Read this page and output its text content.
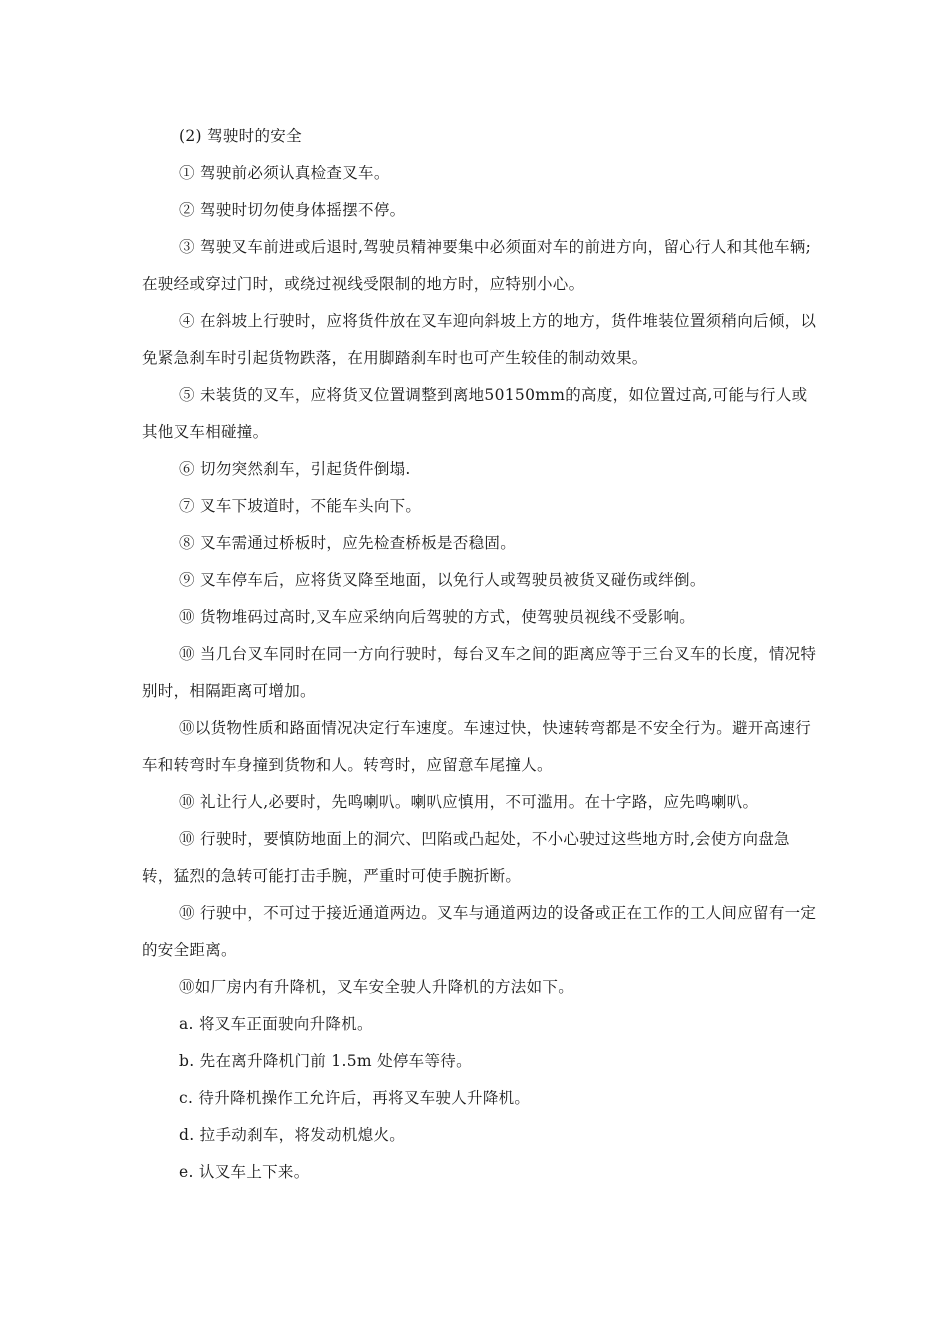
(2) 驾驶时的安全

① 驾驶前必须认真检查叉车。

② 驾驶时切勿使身体摇摆不停。

③ 驾驶叉车前进或后退时,驾驶员精神要集中必须面对车的前进方向，留心行人和其他车辆;在驶经或穿过门时，或绕过视线受限制的地方时，应特别小心。

④ 在斜坡上行驶时，应将货件放在叉车迎向斜坡上方的地方，货件堆装位置须稍向后倾，以免紧急刹车时引起货物跌落，在用脚踏刹车时也可产生较佳的制动效果。

⑤ 未装货的叉车，应将货叉位置调整到离地50150mm的高度，如位置过高,可能与行人或其他叉车相碰撞。

⑥ 切勿突然刹车，引起货件倒塌.

⑦ 叉车下坡道时，不能车头向下。

⑧ 叉车需通过桥板时，应先检查桥板是否稳固。

⑨ 叉车停车后，应将货叉降至地面，以免行人或驾驶员被货叉碰伤或绊倒。

⑩ 货物堆码过高时,叉车应采纳向后驾驶的方式，使驾驶员视线不受影响。

⑩ 当几台叉车同时在同一方向行驶时，每台叉车之间的距离应等于三台叉车的长度，情况特别时，相隔距离可增加。

⑩以货物性质和路面情况决定行车速度。车速过快，快速转弯都是不安全行为。避开高速行车和转弯时车身撞到货物和人。转弯时，应留意车尾撞人。

⑩ 礼让行人,必要时，先鸣喇叭。喇叭应慎用，不可滥用。在十字路，应先鸣喇叭。

⑩ 行驶时，要慎防地面上的洞穴、凹陷或凸起处，不小心驶过这些地方时,会使方向盘急转，猛烈的急转可能打击手腕，严重时可使手腕折断。

⑩ 行驶中，不可过于接近通道两边。叉车与通道两边的设备或正在工作的工人间应留有一定的安全距离。

⑩如厂房内有升降机，叉车安全驶人升降机的方法如下。

a. 将叉车正面驶向升降机。

b. 先在离升降机门前 1.5m 处停车等待。

c. 待升降机操作工允许后，再将叉车驶人升降机。

d. 拉手动刹车，将发动机熄火。

e. 认叉车上下来。
